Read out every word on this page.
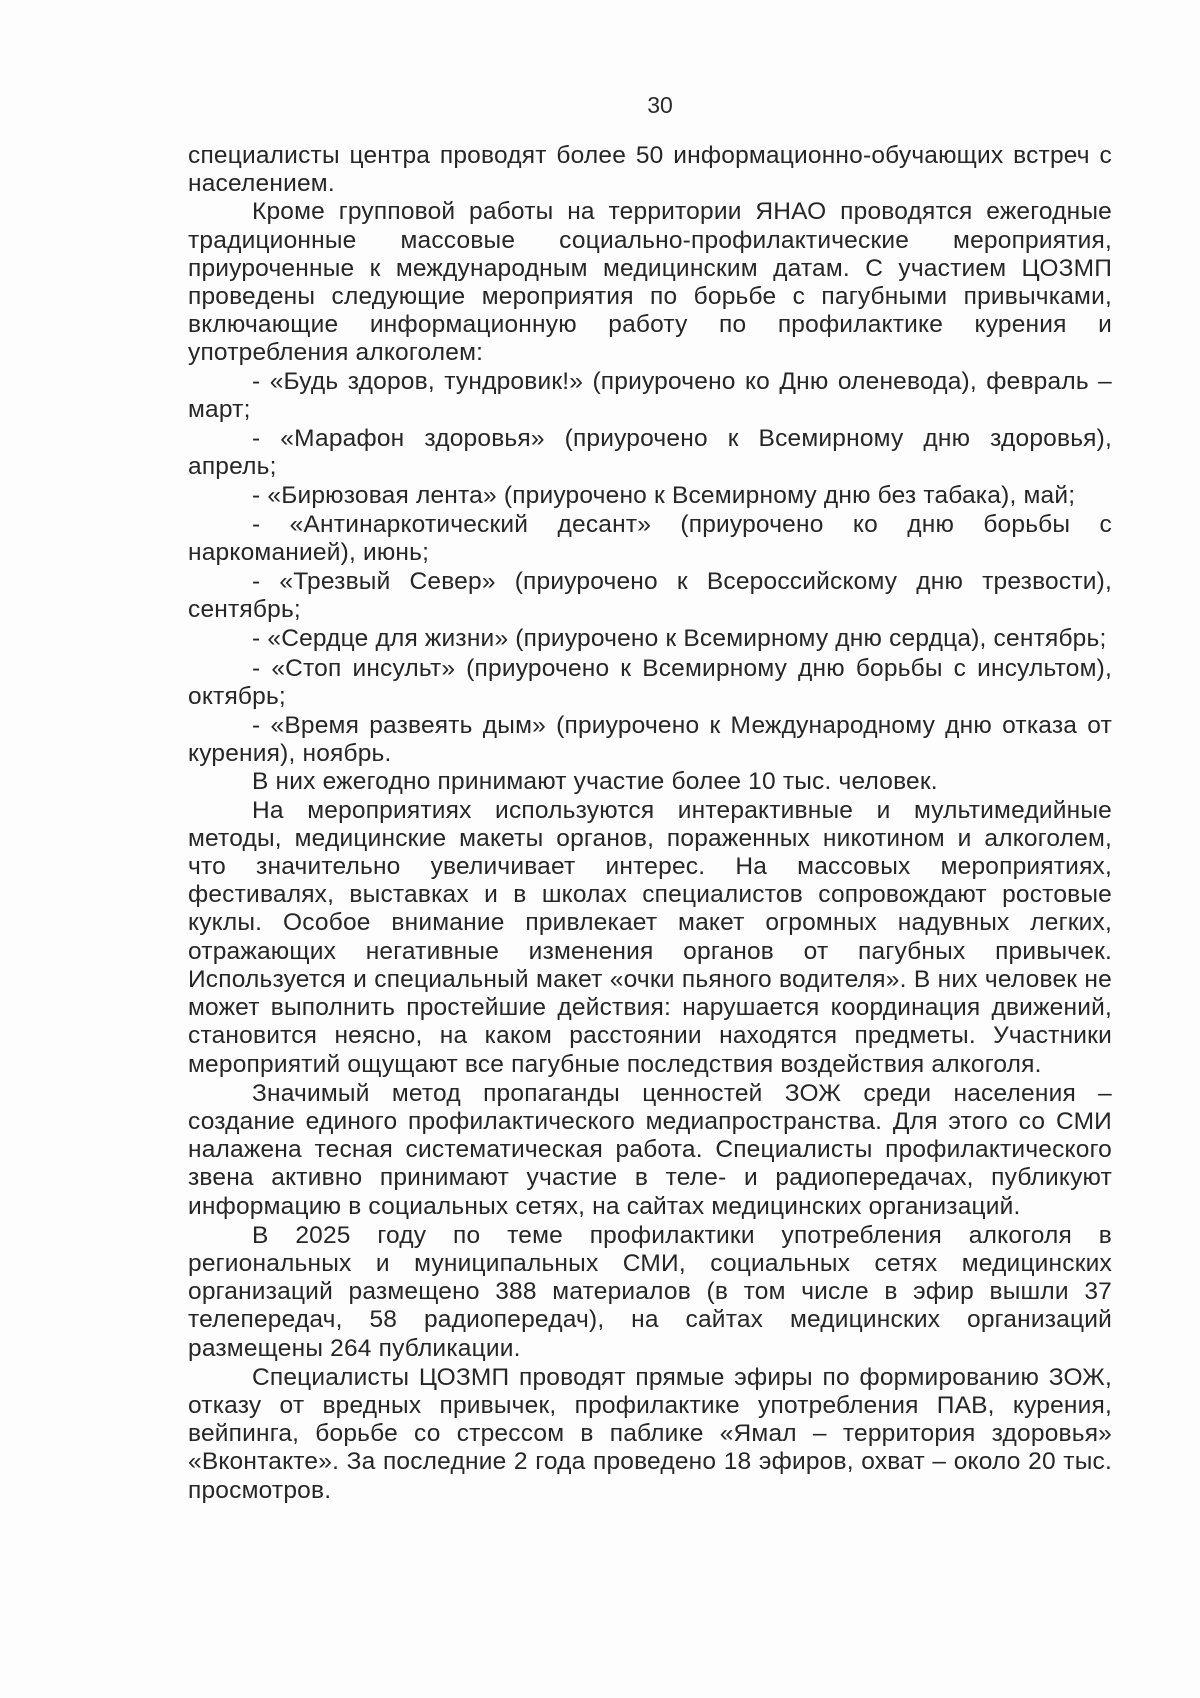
30

специалисты центра проводят более 50 информационно-обучающих встреч с населением.

Кроме групповой работы на территории ЯНАО проводятся ежегодные традиционные массовые социально-профилактические мероприятия, приуроченные к международным медицинским датам. С участием ЦОЗМП проведены следующие мероприятия по борьбе с пагубными привычками, включающие информационную работу по профилактике курения и употребления алкоголем:

- «Будь здоров, тундровик!» (приурочено ко Дню оленевода), февраль – март;

- «Марафон здоровья» (приурочено к Всемирному дню здоровья), апрель;

- «Бирюзовая лента» (приурочено к Всемирному дню без табака), май;

- «Антинаркотический десант» (приурочено ко дню борьбы с наркоманией), июнь;

- «Трезвый Север» (приурочено к Всероссийскому дню трезвости), сентябрь;

- «Сердце для жизни» (приурочено к Всемирному дню сердца), сентябрь;

- «Стоп инсульт» (приурочено к Всемирному дню борьбы с инсультом), октябрь;

- «Время развеять дым» (приурочено к Международному дню отказа от курения), ноябрь.

В них ежегодно принимают участие более 10 тыс. человек.

На мероприятиях используются интерактивные и мультимедийные методы, медицинские макеты органов, пораженных никотином и алкоголем, что значительно увеличивает интерес. На массовых мероприятиях, фестивалях, выставках и в школах специалистов сопровождают ростовые куклы. Особое внимание привлекает макет огромных надувных легких, отражающих негативные изменения органов от пагубных привычек. Используется и специальный макет «очки пьяного водителя». В них человек не может выполнить простейшие действия: нарушается координация движений, становится неясно, на каком расстоянии находятся предметы. Участники мероприятий ощущают все пагубные последствия воздействия алкоголя.

Значимый метод пропаганды ценностей ЗОЖ среди населения – создание единого профилактического медиапространства. Для этого со СМИ налажена тесная систематическая работа. Специалисты профилактического звена активно принимают участие в теле- и радиопередачах, публикуют информацию в социальных сетях, на сайтах медицинских организаций.

В 2025 году по теме профилактики употребления алкоголя в региональных и муниципальных СМИ, социальных сетях медицинских организаций размещено 388 материалов (в том числе в эфир вышли 37 телепередач, 58 радиопередач), на сайтах медицинских организаций размещены 264 публикации.

Специалисты ЦОЗМП проводят прямые эфиры по формированию ЗОЖ, отказу от вредных привычек, профилактике употребления ПАВ, курения, вейпинга, борьбе со стрессом в паблике «Ямал – территория здоровья» «Вконтакте». За последние 2 года проведено 18 эфиров, охват – около 20 тыс. просмотров.
